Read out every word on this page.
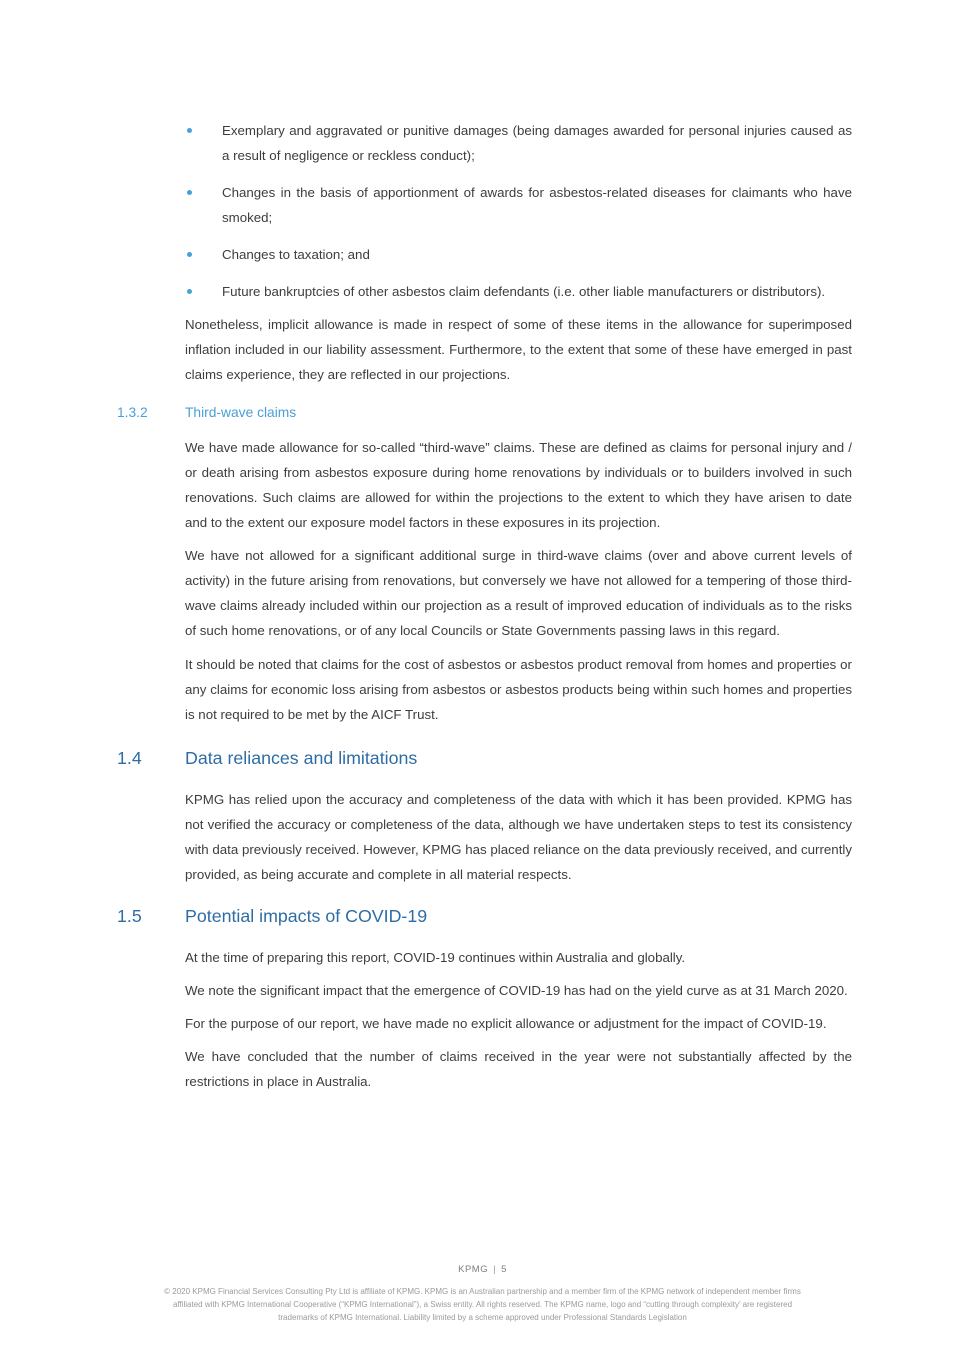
Exemplary and aggravated or punitive damages (being damages awarded for personal injuries caused as a result of negligence or reckless conduct);
Changes in the basis of apportionment of awards for asbestos-related diseases for claimants who have smoked;
Changes to taxation; and
Future bankruptcies of other asbestos claim defendants (i.e. other liable manufacturers or distributors).

Nonetheless, implicit allowance is made in respect of some of these items in the allowance for superimposed inflation included in our liability assessment. Furthermore, to the extent that some of these have emerged in past claims experience, they are reflected in our projections.

1.3.2	Third-wave claims

We have made allowance for so-called “third-wave” claims. These are defined as claims for personal injury and / or death arising from asbestos exposure during home renovations by individuals or to builders involved in such renovations. Such claims are allowed for within the projections to the extent to which they have arisen to date and to the extent our exposure model factors in these exposures in its projection.

We have not allowed for a significant additional surge in third-wave claims (over and above current levels of activity) in the future arising from renovations, but conversely we have not allowed for a tempering of those third-wave claims already included within our projection as a result of improved education of individuals as to the risks of such home renovations, or of any local Councils or State Governments passing laws in this regard.

It should be noted that claims for the cost of asbestos or asbestos product removal from homes and properties or any claims for economic loss arising from asbestos or asbestos products being within such homes and properties is not required to be met by the AICF Trust.

1.4	Data reliances and limitations

KPMG has relied upon the accuracy and completeness of the data with which it has been provided. KPMG has not verified the accuracy or completeness of the data, although we have undertaken steps to test its consistency with data previously received. However, KPMG has placed reliance on the data previously received, and currently provided, as being accurate and complete in all material respects.

1.5	Potential impacts of COVID-19

At the time of preparing this report, COVID-19 continues within Australia and globally.

We note the significant impact that the emergence of COVID-19 has had on the yield curve as at 31 March 2020.

For the purpose of our report, we have made no explicit allowance or adjustment for the impact of COVID-19.

We have concluded that the number of claims received in the year were not substantially affected by the restrictions in place in Australia.

KPMG | 5
© 2020 KPMG Financial Services Consulting Pty Ltd is affiliate of KPMG. KPMG is an Australian partnership and a member firm of the KPMG network of independent member firms
affiliated with KPMG International Cooperative (“KPMG International”), a Swiss entity. All rights reserved. The KPMG name, logo and “cutting through complexity’ are registered
trademarks of KPMG International. Liability limited by a scheme approved under Professional Standards Legislation
